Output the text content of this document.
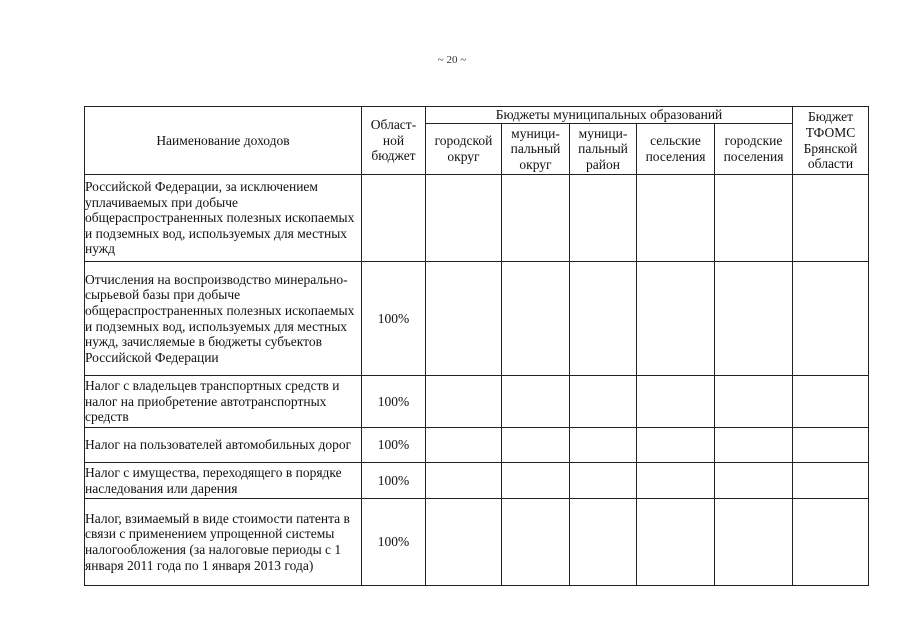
~ 20 ~
Наименование доходов	Област-ной бюджет	Бюджеты муниципальных образований					Бюджет ТФОМС Брянской области
		городской округ	муници-пальный округ	муници-пальный район	сельские поселения	городские поселения	
Российской Федерации, за исключением уплачиваемых при добыче общераспространенных полезных ископаемых и подземных вод, используемых для местных нужд							
Отчисления на воспроизводство минерально-сырьевой базы при добыче общераспространенных полезных ископаемых и подземных вод, используемых для местных нужд, зачисляемые в бюджеты субъектов Российской Федерации	100%						
Налог с владельцев транспортных средств и налог на приобретение автотранспортных средств	100%						
Налог на пользователей автомобильных дорог	100%						
Налог с имущества, переходящего в порядке наследования или дарения	100%						
Налог, взимаемый в виде стоимости патента в связи с применением упрощенной системы налогообложения (за налоговые периоды с 1 января 2011 года по 1 января 2013 года)	100%						
